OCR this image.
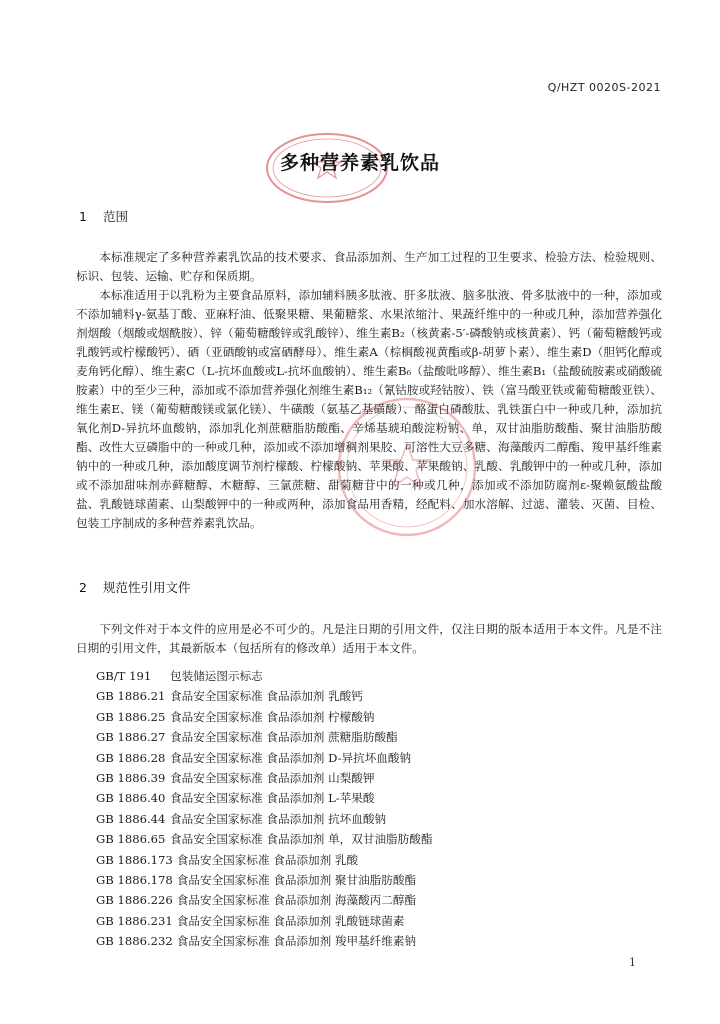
Q/HZT 0020S-2021
多种营养素乳饮品
1 范围

本标准规定了多种营养素乳饮品的技术要求、食品添加剂、生产加工过程的卫生要求、检验方法、检验规则、标识、包装、运输、贮存和保质期。

本标准适用于以乳粉为主要食品原料，添加辅料胰多肽液、肝多肽液、脑多肽液、骨多肽液中的一种，添加或不添加辅料γ-氨基丁酸、亚麻籽油、低聚果糖、果葡糖浆、水果浓缩汁、果蔬纤维中的一种或几种，添加营养强化剂烟酸（烟酸或烟酰胺）、锌（葡萄糖酸锌或乳酸锌）、维生素B₂（核黄素-5′-磷酸钠或核黄素）、钙（葡萄糖酸钙或乳酸钙或柠檬酸钙）、硒（亚硒酸钠或富硒酵母）、维生素A（棕榈酸视黄酯或β-胡萝卜素）、维生素D（胆钙化醇或麦角钙化醇）、维生素C（L-抗坏血酸或L-抗坏血酸钠）、维生素B₆（盐酸吡哆醇）、维生素B₁（盐酸硫胺素或硝酸硫胺素）中的至少三种，添加或不添加营养强化剂维生素B₁₂（氰钴胺或羟钴胺）、铁（富马酸亚铁或葡萄糖酸亚铁）、维生素E、镁（葡萄糖酸镁或氯化镁）、牛磺酸（氨基乙基磺酸）、酪蛋白磷酸肽、乳铁蛋白中一种或几种，添加抗氧化剂D-异抗坏血酸钠，添加乳化剂蔗糖脂肪酸酯、辛烯基琥珀酸淀粉钠、单，双甘油脂肪酸酯、聚甘油脂肪酸酯、改性大豆磷脂中的一种或几种，添加或不添加增稠剂果胶、可溶性大豆多糖、海藻酸丙二醇酯、羧甲基纤维素钠中的一种或几种，添加酸度调节剂柠檬酸、柠檬酸钠、苹果酸、苹果酸钠、乳酸、乳酸钾中的一种或几种，添加或不添加甜味剂赤藓糖醇、木糖醇、三氯蔗糖、甜菊糖苷中的一种或几种，添加或不添加防腐剂ε-聚赖氨酸盐酸盐、乳酸链球菌素、山梨酸钾中的一种或两种，添加食品用香精，经配料、加水溶解、过滤、灌装、灭菌、目检、包装工序制成的多种营养素乳饮品。

2 规范性引用文件

下列文件对于本文件的应用是必不可少的。凡是注日期的引用文件，仅注日期的版本适用于本文件。凡是不注日期的引用文件，其最新版本（包括所有的修改单）适用于本文件。

GB/T 191 包装储运图示标志
GB 1886.21 食品安全国家标准 食品添加剂 乳酸钙
GB 1886.25 食品安全国家标准 食品添加剂 柠檬酸钠
GB 1886.27 食品安全国家标准 食品添加剂 蔗糖脂肪酸酯
GB 1886.28 食品安全国家标准 食品添加剂 D-异抗坏血酸钠
GB 1886.39 食品安全国家标准 食品添加剂 山梨酸钾
GB 1886.40 食品安全国家标准 食品添加剂 L-苹果酸
GB 1886.44 食品安全国家标准 食品添加剂 抗坏血酸钠
GB 1886.65 食品安全国家标准 食品添加剂 单，双甘油脂肪酸酯
GB 1886.173 食品安全国家标准 食品添加剂 乳酸
GB 1886.178 食品安全国家标准 食品添加剂 聚甘油脂肪酸酯
GB 1886.226 食品安全国家标准 食品添加剂 海藻酸丙二醇酯
GB 1886.231 食品安全国家标准 食品添加剂 乳酸链球菌素
GB 1886.232 食品安全国家标准 食品添加剂 羧甲基纤维素钠
1
